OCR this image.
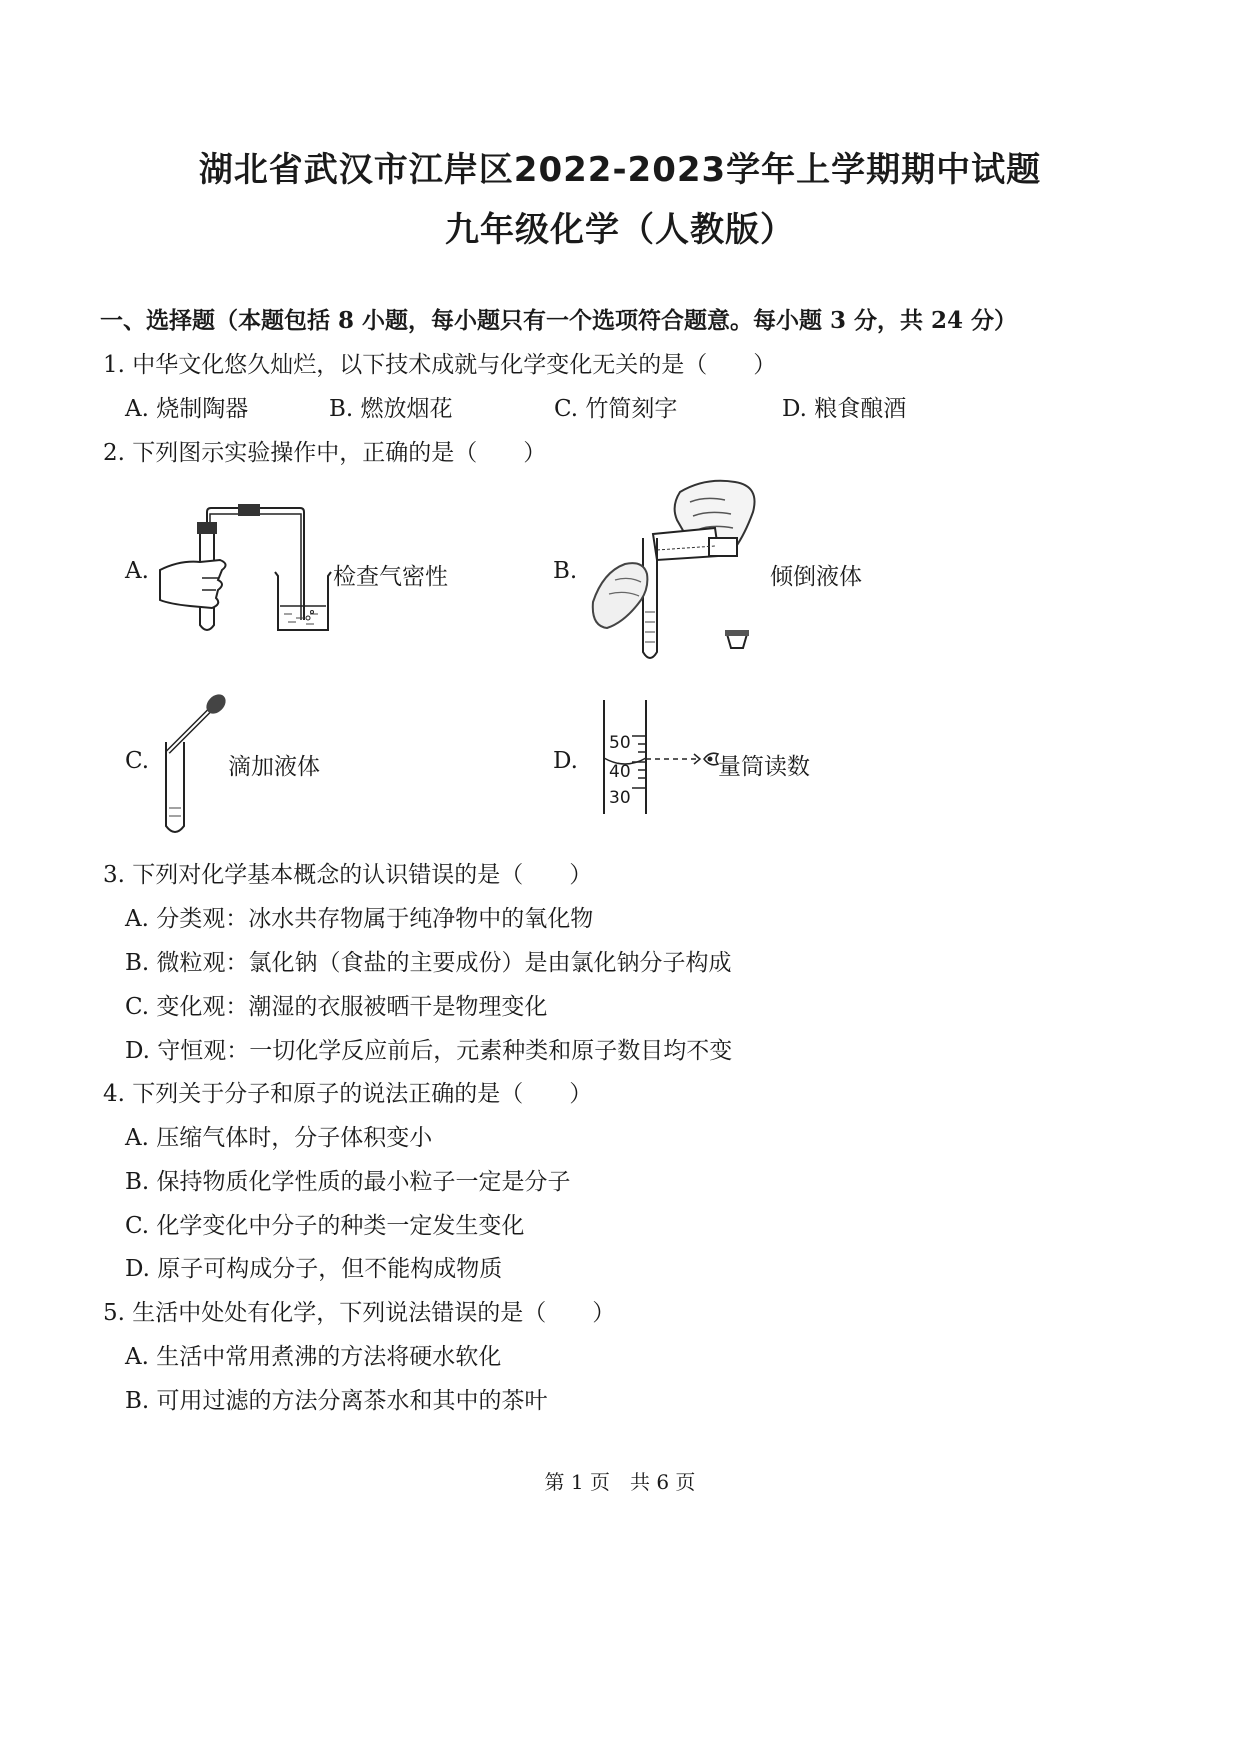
湖北省武汉市江岸区2022-2023学年上学期期中试题
九年级化学（人教版）
一、选择题（本题包括 8 小题，每小题只有一个选项符合题意。每小题 3 分，共 24 分）
1. 中华文化悠久灿烂，以下技术成就与化学变化无关的是（　　）
A. 烧制陶器	B. 燃放烟花	C. 竹简刻字	D. 粮食酿酒
2. 下列图示实验操作中，正确的是（　　）
A.	检查气密性	B.	倾倒液体
C.	滴加液体	D.
50
40
30
量筒读数
3. 下列对化学基本概念的认识错误的是（　　）
A. 分类观：冰水共存物属于纯净物中的氧化物
B. 微粒观：氯化钠（食盐的主要成份）是由氯化钠分子构成
C. 变化观：潮湿的衣服被晒干是物理变化
D. 守恒观：一切化学反应前后，元素种类和原子数目均不变
4. 下列关于分子和原子的说法正确的是（　　）
A. 压缩气体时，分子体积变小
B. 保持物质化学性质的最小粒子一定是分子
C. 化学变化中分子的种类一定发生变化
D. 原子可构成分子，但不能构成物质
5. 生活中处处有化学，下列说法错误的是（　　）
A. 生活中常用煮沸的方法将硬水软化
B. 可用过滤的方法分离茶水和其中的茶叶
第 1 页　共 6 页
